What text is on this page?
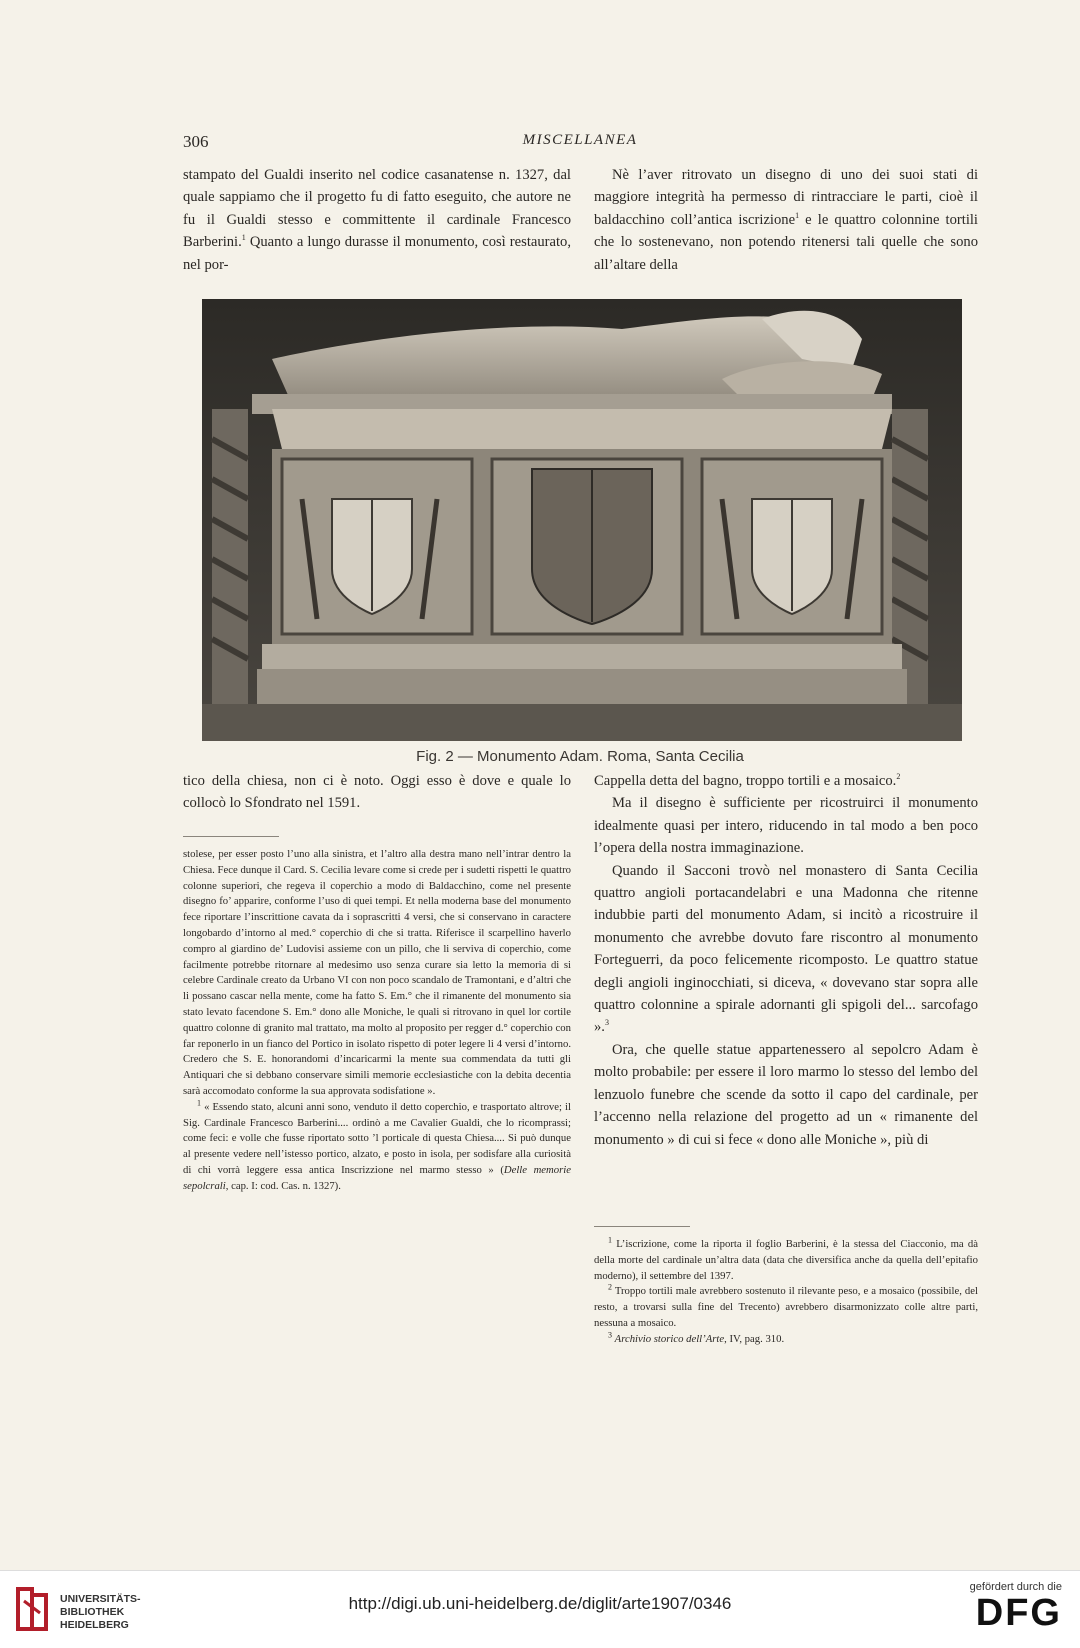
306	MISCELLANEA

stampato del Gualdi inserito nel codice casanatense n. 1327, dal quale sappiamo che il progetto fu di fatto eseguito, che autore ne fu il Gualdi stesso e committente il cardinale Francesco Barberini.$^1$ Quanto a lungo durasse il monumento, così restaurato, nel por-

Nè l’aver ritrovato un disegno di uno dei suoi stati di maggiore integrità ha permesso di rintracciare le parti, cioè il baldacchino coll’antica iscrizione$^1$ e le quattro colonnine tortili che lo sostenevano, non potendo ritenersi tali quelle che sono all’altare della

Fig. 2 — Monumento Adam. Roma, Santa Cecilia

tico della chiesa, non ci è noto. Oggi esso è dove e quale lo collocò lo Sfondrato nel 1591.

stolese, per esser posto l’uno alla sinistra, et l’altro alla destra mano nell’intrar dentro la Chiesa. Fece dunque il Card. S. Cecilia levare come si crede per i sudetti rispetti le quattro colonne superiori, che regeva il coperchio a modo di Baldacchino, come nel presente disegno fo’ apparire, conforme l’uso di quei tempi. Et nella moderna base del monumento fece riportare l’inscrittione cavata da i soprascritti 4 versi, che si conservano in caractere longobardo d’intorno al med.° coperchio di che si tratta. Riferisce il scarpellino haverlo compro al giardino de’ Ludovisi assieme con un pillo, che li serviva di coperchio, come facilmente potrebbe ritornare al medesimo uso senza curare sia letto la memoria di si celebre Cardinale creato da Urbano VI con non poco scandalo de Tramontani, e d’altri che li possano cascar nella mente, come ha fatto S. Em.° che il rimanente del monumento sia stato levato facendone S. Em.° dono alle Moniche, le quali si ritrovano in quel lor cortile quattro colonne di granito mal trattato, ma molto al proposito per regger d.° coperchio con far reponerlo in un fianco del Portico in isolato rispetto di poter legere li 4 versi d’intorno. Credero che S. E. honorandomi d’incaricarmi la mente sua commendata da tutti gli Antiquari che si debbano conservare simili memorie ecclesiastiche con la debita decentia sarà accomodato conforme la sua approvata sodisfatione ».

$^1$ « Essendo stato, alcuni anni sono, venduto il detto coperchio, e trasportato altrove; il Sig. Cardinale Francesco Barberini.... ordinò a me Cavalier Gualdi, che lo ricomprassi; come feci: e volle che fusse riportato sotto ’l porticale di questa Chiesa.... Si può dunque al presente vedere nell’istesso portico, alzato, e posto in isola, per sodisfare alla curiosità di chi vorrà leggere essa antica Inscrizzione nel marmo stesso » (Delle memorie sepolcrali, cap. I: cod. Cas. n. 1327).

Cappella detta del bagno, troppo tortili e a mosaico.$^2$

Ma il disegno è sufficiente per ricostruirci il monumento idealmente quasi per intero, riducendo in tal modo a ben poco l’opera della nostra immaginazione.

Quando il Sacconi trovò nel monastero di Santa Cecilia quattro angioli portacandelabri e una Madonna che ritenne indubbie parti del monumento Adam, si incitò a ricostruire il monumento che avrebbe dovuto fare riscontro al monumento Forteguerri, da poco felicemente ricomposto. Le quattro statue degli angioli inginocchiati, si diceva, « dovevano star sopra alle quattro colonnine a spirale adornanti gli spigoli del... sarcofago ».$^3$

Ora, che quelle statue appartenessero al sepolcro Adam è molto probabile: per essere il loro marmo lo stesso del lembo del lenzuolo funebre che scende da sotto il capo del cardinale, per l’accenno nella relazione del progetto ad un « rimanente del monumento » di cui si fece « dono alle Moniche », più di

$^1$ L’iscrizione, come la riporta il foglio Barberini, è la stessa del Ciacconio, ma dà della morte del cardinale un’altra data (data che diversifica anche da quella dell’epitafio moderno), il settembre del 1397.

$^2$ Troppo tortili male avrebbero sostenuto il rilevante peso, e a mosaico (possibile, del resto, a trovarsi sulla fine del Trecento) avrebbero disarmonizzato colle altre parti, nessuna a mosaico.

$^3$ Archivio storico dell’Arte, IV, pag. 310.

UNIVERSITÄTS-
BIBLIOTHEK
HEIDELBERG
http://digi.ub.uni-heidelberg.de/diglit/arte1907/0346
gefördert durch die
DFG
